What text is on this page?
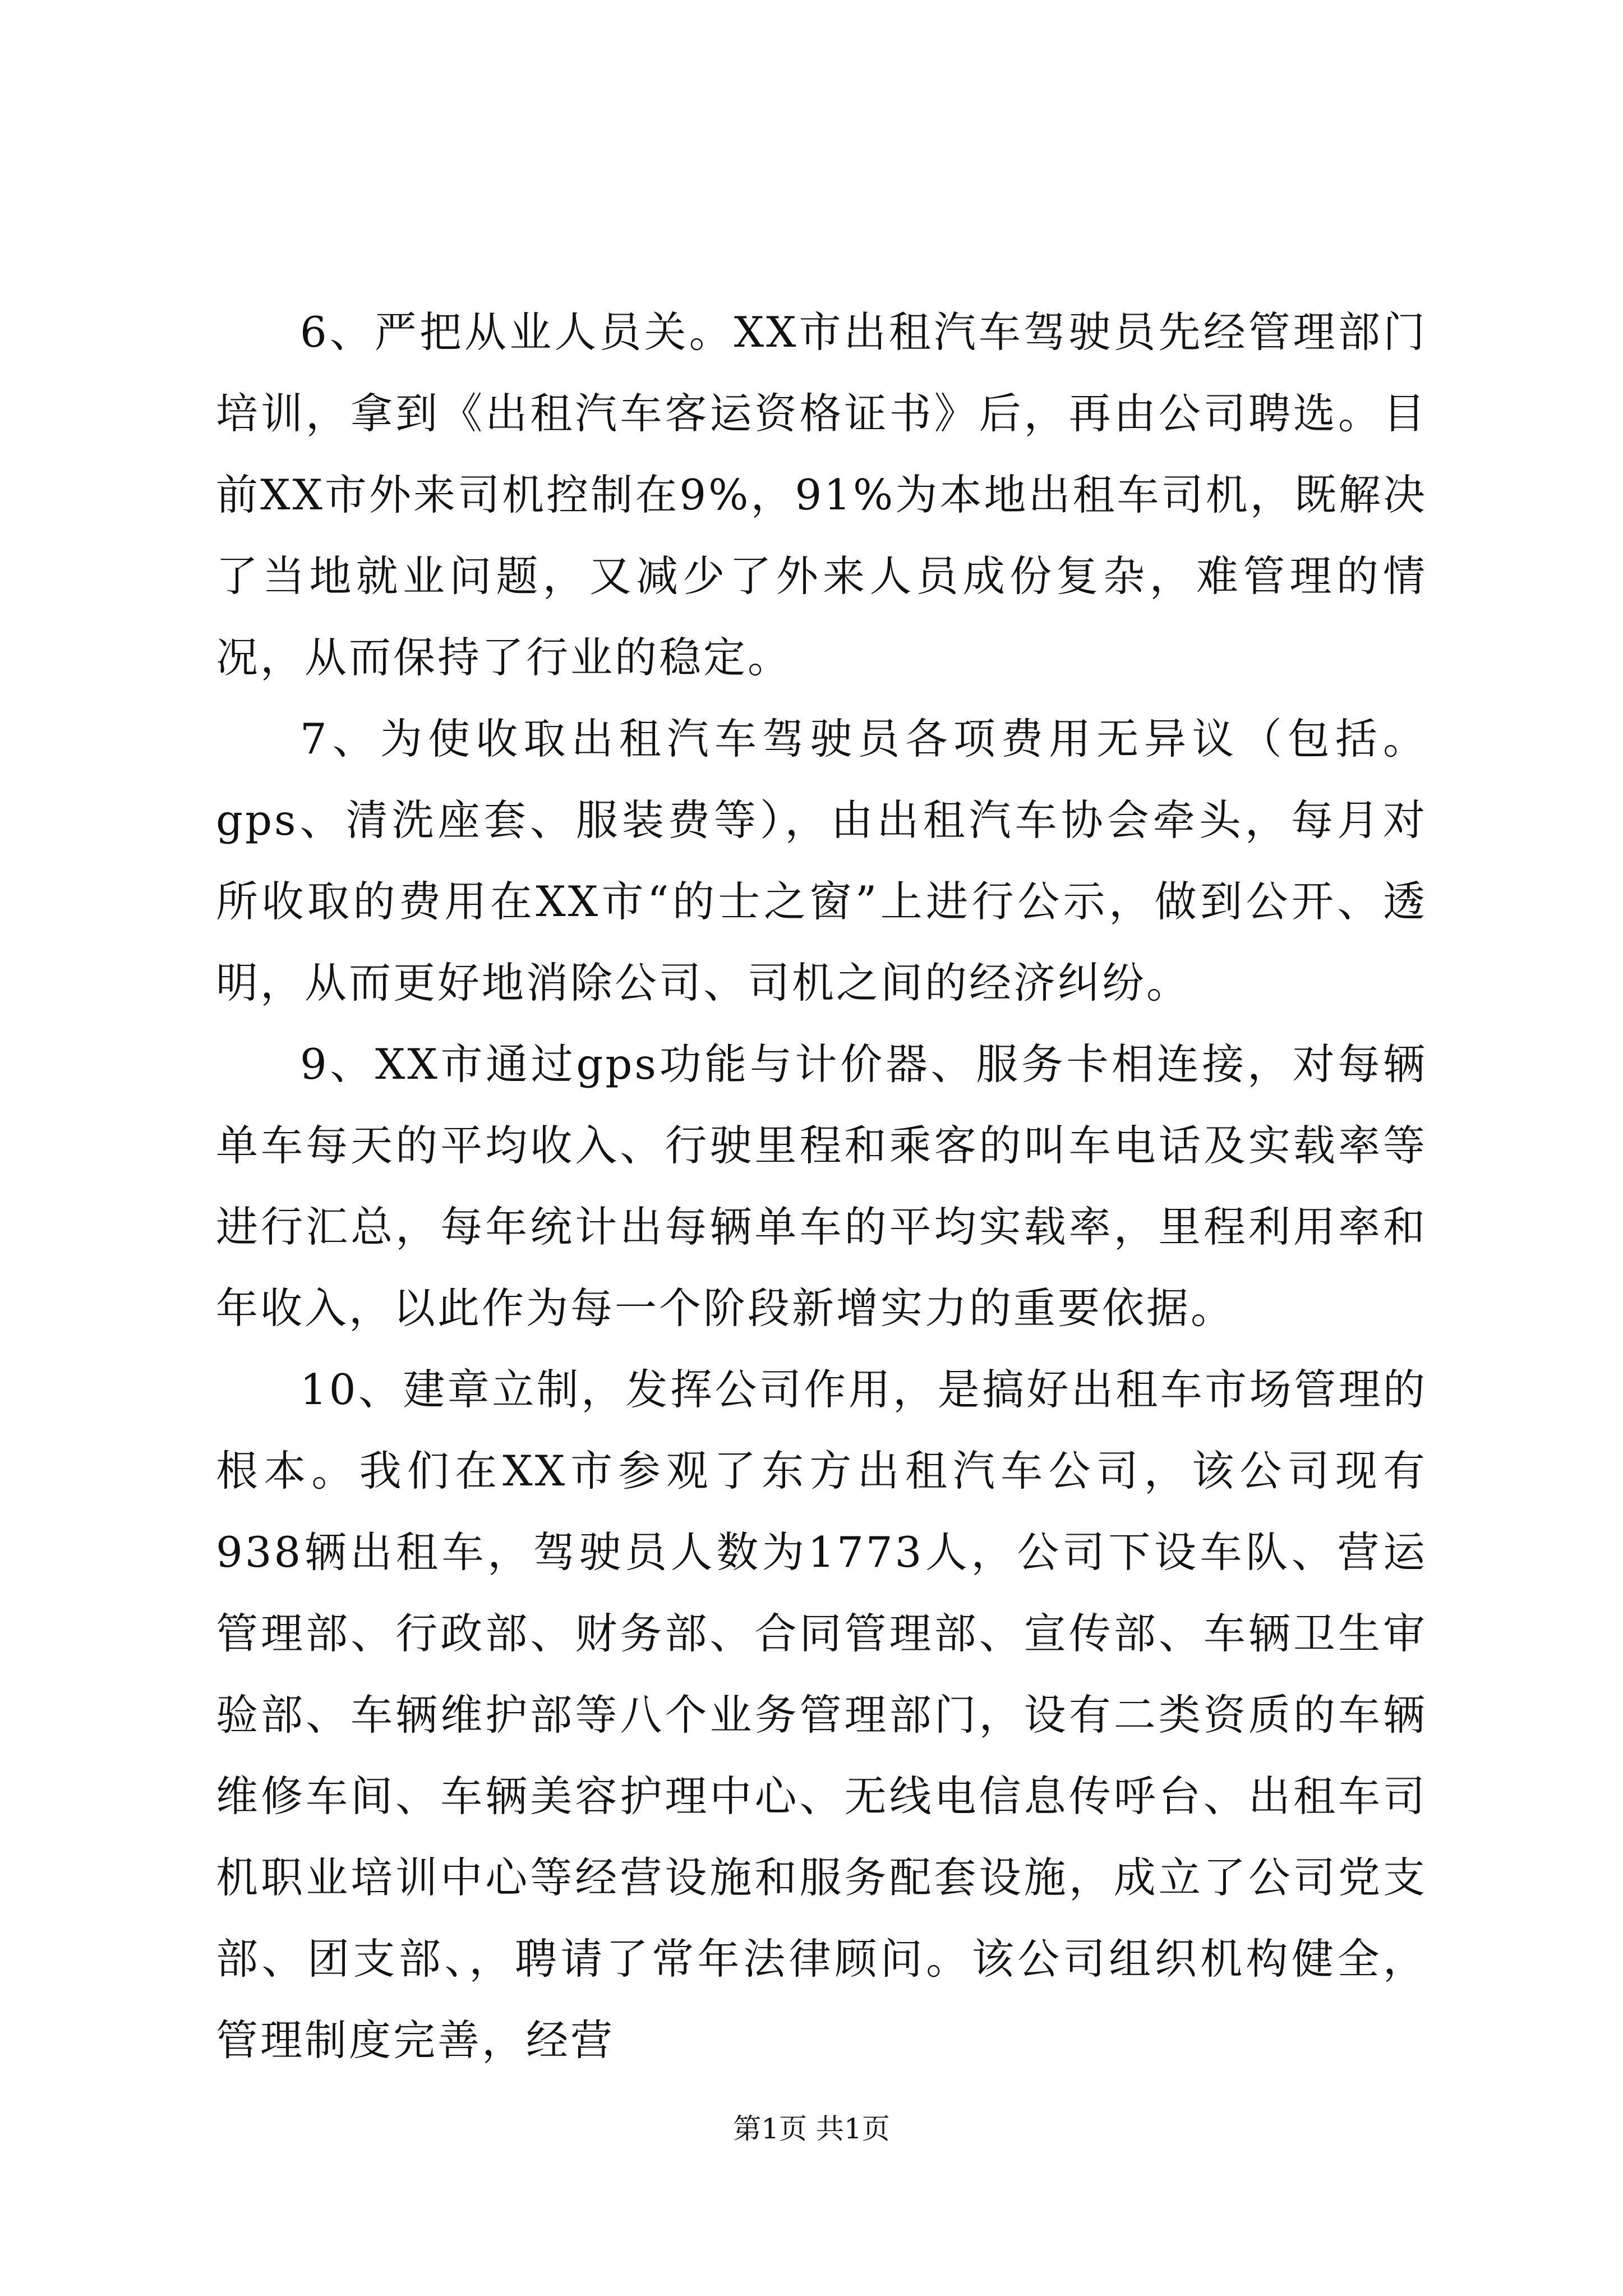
6、严把从业人员关。XX市出租汽车驾驶员先经管理部门培训，拿到《出租汽车客运资格证书》后，再由公司聘选。目前XX市外来司机控制在9%，91%为本地出租车司机，既解决了当地就业问题，又减少了外来人员成份复杂，难管理的情况，从而保持了行业的稳定。

7、为使收取出租汽车驾驶员各项费用无异议（包括。gps、清洗座套、服装费等），由出租汽车协会牵头，每月对所收取的费用在XX市“的士之窗”上进行公示，做到公开、透明，从而更好地消除公司、司机之间的经济纠纷。

9、XX市通过gps功能与计价器、服务卡相连接，对每辆单车每天的平均收入、行驶里程和乘客的叫车电话及实载率等进行汇总，每年统计出每辆单车的平均实载率，里程利用率和年收入，以此作为每一个阶段新增实力的重要依据。

10、建章立制，发挥公司作用，是搞好出租车市场管理的根本。我们在XX市参观了东方出租汽车公司，该公司现有938辆出租车，驾驶员人数为1773人，公司下设车队、营运管理部、行政部、财务部、合同管理部、宣传部、车辆卫生审验部、车辆维护部等八个业务管理部门，设有二类资质的车辆维修车间、车辆美容护理中心、无线电信息传呼台、出租车司机职业培训中心等经营设施和服务配套设施，成立了公司党支部、团支部、，聘请了常年法律顾问。该公司组织机构健全，管理制度完善，经营

第1页 共1页
